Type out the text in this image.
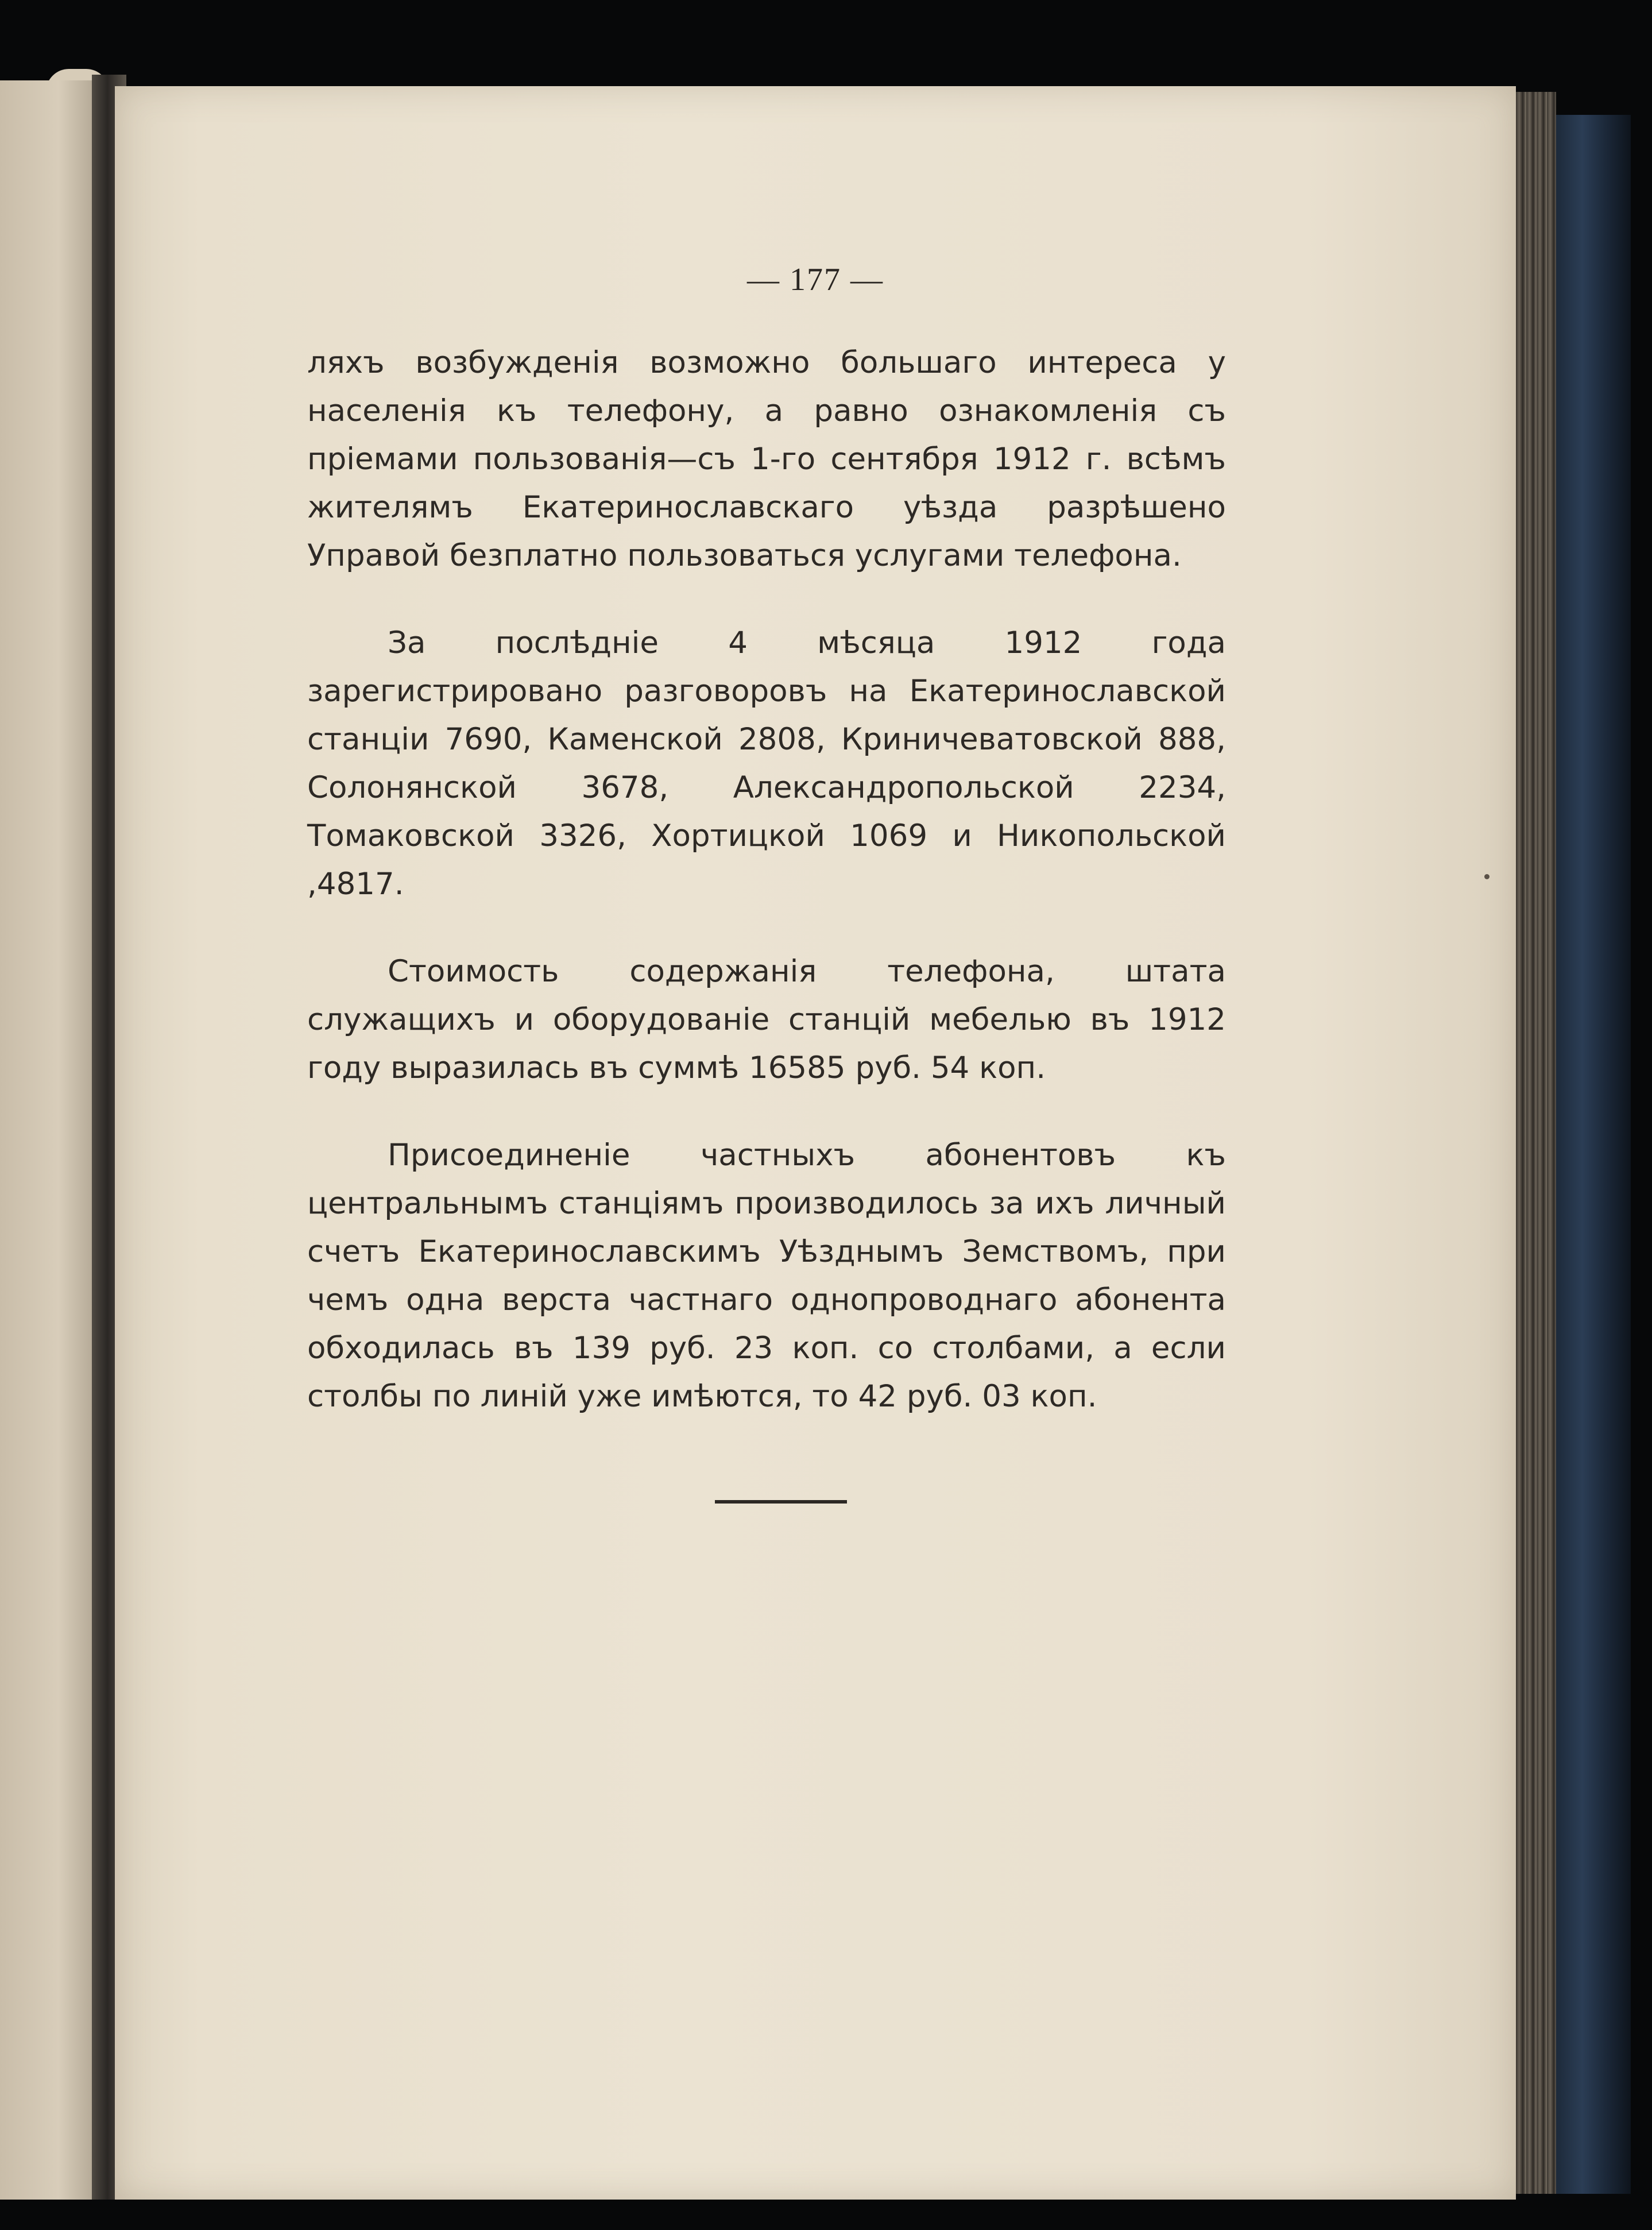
— 177 —

ляхъ возбужденія возможно большаго интереса у населенія къ телефону, а равно ознакомленія съ пріемами пользованія—съ 1-го сентября 1912 г. всѣмъ жителямъ Екатеринославскаго уѣзда разрѣшено Управой безплатно пользоваться услугами телефона.

За послѣдніе 4 мѣсяца 1912 года зарегистрировано разговоровъ на Екатеринославской станціи 7690, Каменской 2808, Криничеватовской 888, Солонянской 3678, Александропольской 2234, Томаковской 3326, Хортицкой 1069 и Никопольской ,4817.

Стоимость содержанія телефона, штата служащихъ и оборудованіе станцій мебелью въ 1912 году выразилась въ суммѣ 16585 руб. 54 коп.

Присоединеніе частныхъ абонентовъ къ центральнымъ станціямъ производилось за ихъ личный счетъ Екатеринославскимъ Уѣзднымъ Земствомъ, при чемъ одна верста частнаго однопроводнаго абонента обходилась въ 139 руб. 23 коп. со столбами, а если столбы по линій уже имѣются, то 42 руб. 03 коп.
